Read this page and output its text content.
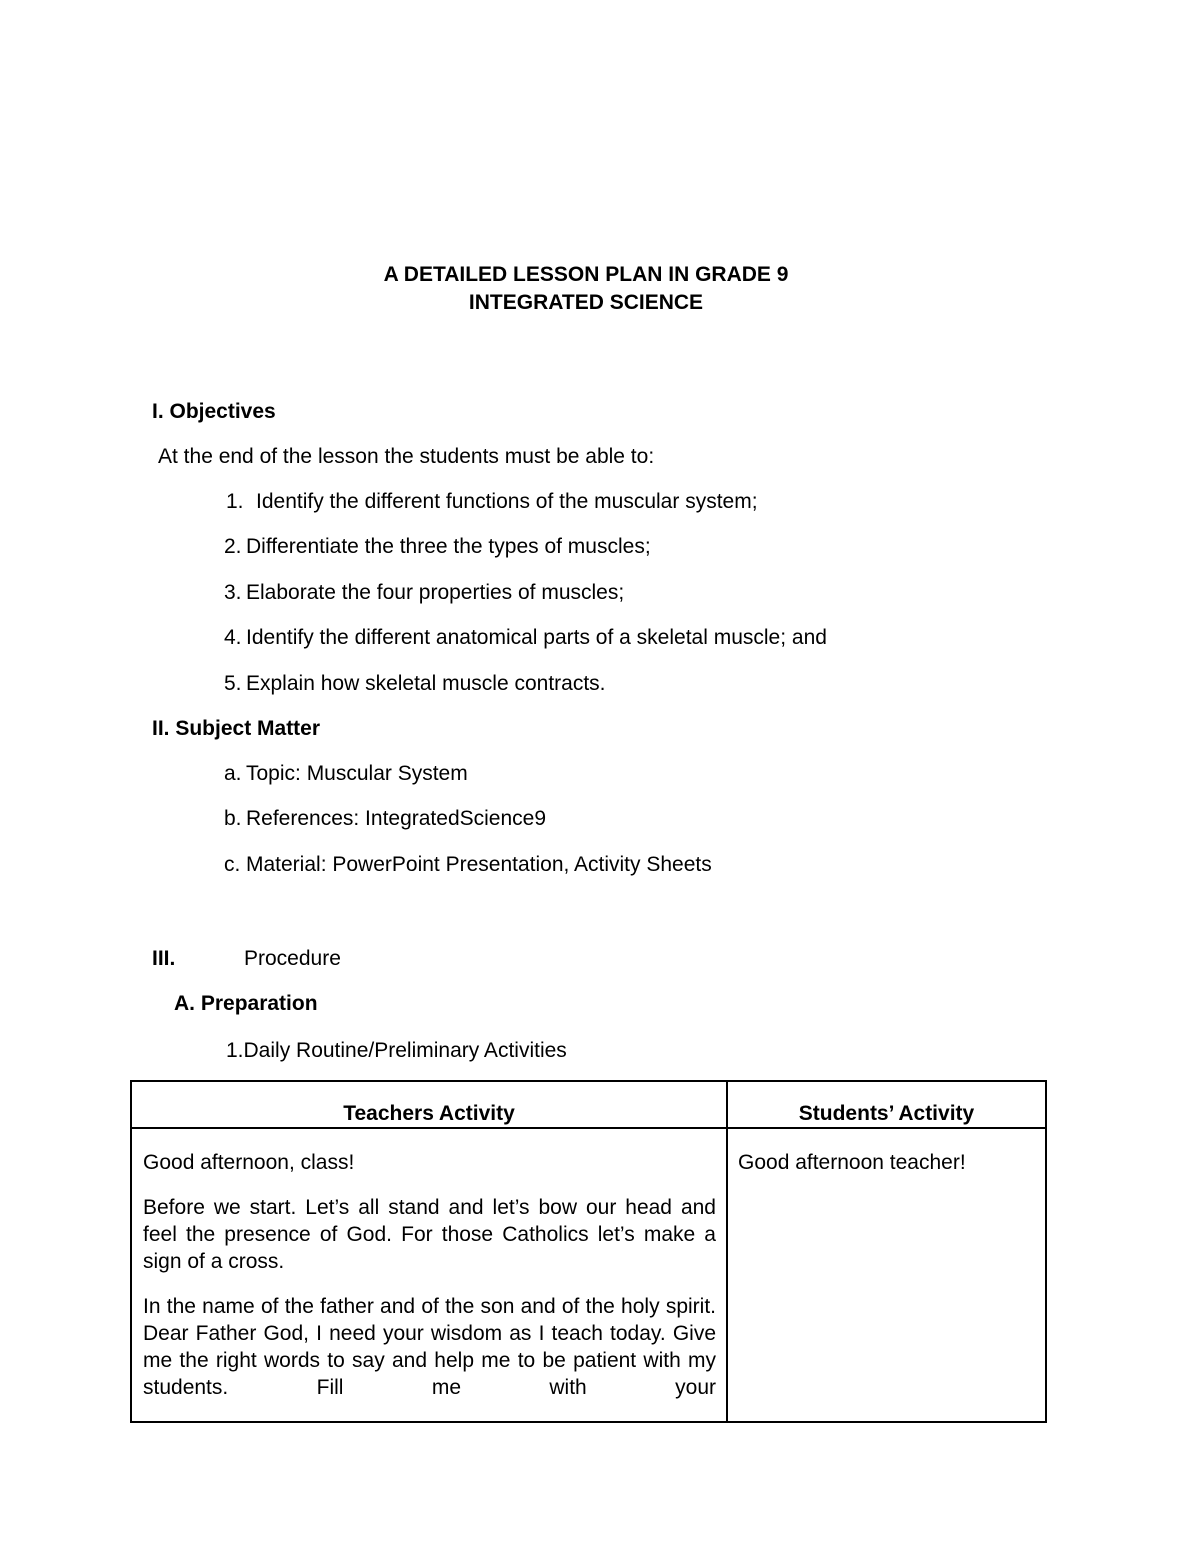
A DETAILED LESSON PLAN IN GRADE 9
INTEGRATED SCIENCE
I. Objectives
At the end of the lesson the students must be able to:
1. Identify the different functions of the muscular system;
2. Differentiate the three the types of muscles;
3. Elaborate the four properties of muscles;
4. Identify the different anatomical parts of a skeletal muscle; and
5. Explain how skeletal muscle contracts.
II. Subject Matter
a. Topic: Muscular System
b. References: IntegratedScience9
c. Material: PowerPoint Presentation, Activity Sheets
III.	Procedure
A. Preparation
1.Daily Routine/Preliminary Activities
Teachers Activity	Students’ Activity

Good afternoon, class!
Before we start. Let’s all stand and let’s bow our head and feel the presence of God. For those Catholics let’s make a sign of a cross.
In the name of the father and of the son and of the holy spirit. Dear Father God, I need your wisdom as I teach today. Give me the right words to say and help me to be patient with my students. Fill me with your	Good afternoon teacher!
